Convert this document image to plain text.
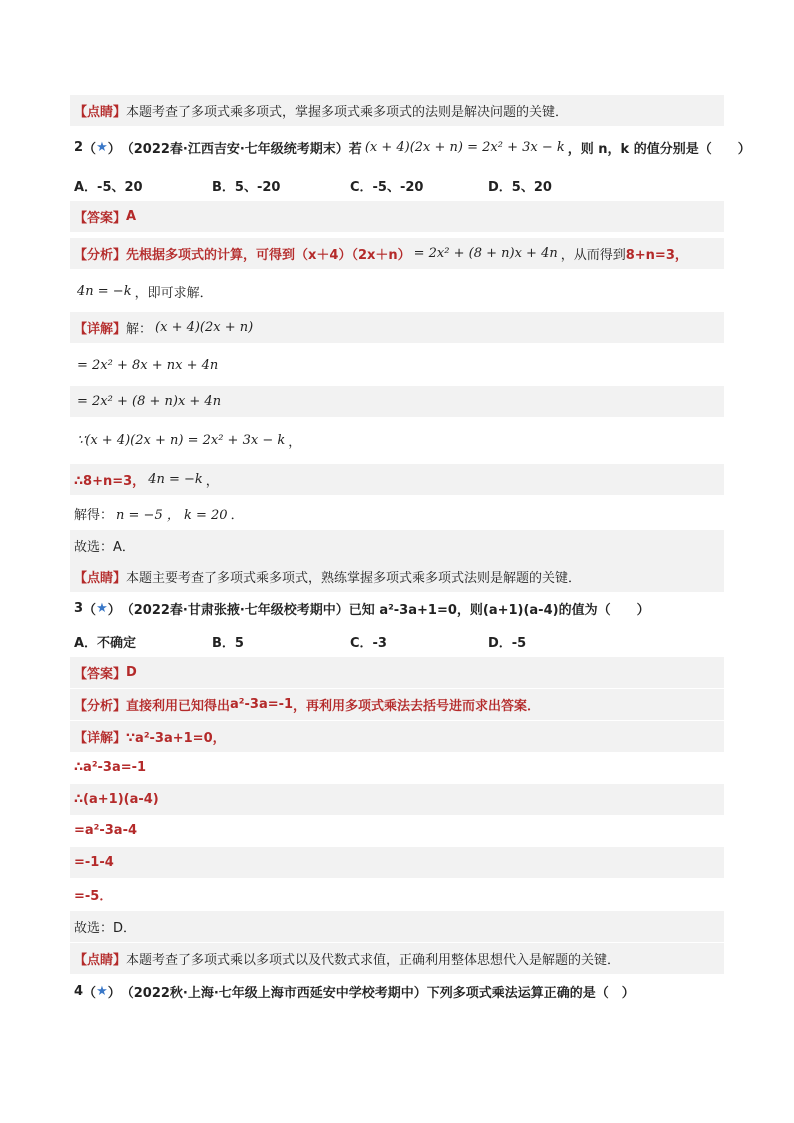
【点睛】 本题考查了多项式乘多项式，掌握多项式乘多项式的法则是解决问题的关键．
2 （ ★ ） （2022春·江西吉安·七年级统考期末） 若 (x + 4)(2x + n) = 2x² + 3x − k ，则 n，k 的值分别是（　　）
A．-5、20	B．5、-20	C．-5、-20	D．5、20
【答案】 A
【分析】 先根据多项式的计算，可得到（x＋4）（2x＋n） = 2x² + (8 + n)x + 4n ，从而得到 8+n=3，
4n = −k ，即可求解．
【详解】 解： (x + 4)(2x + n)
= 2x² + 8x + nx + 4n
= 2x² + (8 + n)x + 4n
∵(x + 4)(2x + n) = 2x² + 3x − k ，
∴8+n=3， 4n = −k ，
解得： n = −5 ， k = 20 ．
故选：A．
【点睛】 本题主要考查了多项式乘多项式，熟练掌握多项式乘多项式法则是解题的关键．
3 （ ★ ） （2022春·甘肃张掖·七年级校考期中） 已知 a²-3a+1=0，则(a+1)(a-4)的值为（　　）
A．不确定	B．5	C．-3	D．-5
【答案】 D
【分析】 直接利用已知得出 a²-3a=-1 ，再利用多项式乘法去括号进而求出答案．
【详解】 ∵a²-3a+1=0，
∴a²-3a=-1
∴(a+1)(a-4)
=a²-3a-4
=-1-4
=-5．
故选：D．
【点睛】 本题考查了多项式乘以多项式以及代数式求值，正确利用整体思想代入是解题的关键．
4 （ ★ ） （2022秋·上海·七年级上海市西延安中学校考期中） 下列多项式乘法运算正确的是（　）
